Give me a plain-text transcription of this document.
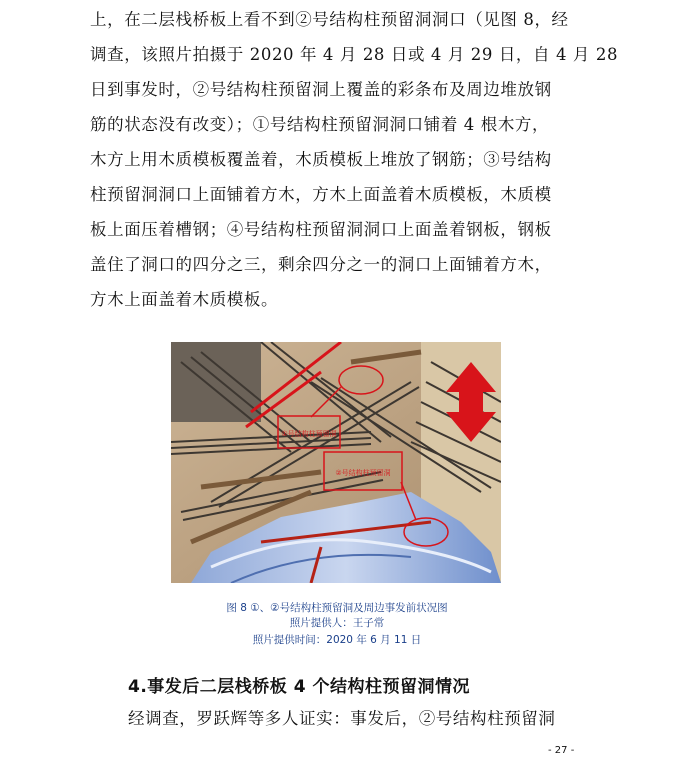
上，在二层栈桥板上看不到②号结构柱预留洞洞口（见图 8，经
调查，该照片拍摄于 2020 年 4 月 28 日或 4 月 29 日，自 4 月 28
日到事发时，②号结构柱预留洞上覆盖的彩条布及周边堆放钢
筋的状态没有改变）；①号结构柱预留洞洞口铺着 4 根木方，
木方上用木质模板覆盖着，木质模板上堆放了钢筋；③号结构
柱预留洞洞口上面铺着方木，方木上面盖着木质模板，木质模
板上面压着槽钢；④号结构柱预留洞洞口上面盖着钢板，钢板
盖住了洞口的四分之三，剩余四分之一的洞口上面铺着方木，
方木上面盖着木质模板。
①号结构柱预留洞
②号结构柱预留洞
图 8 ①、②号结构柱预留洞及周边事发前状况图
照片提供人：王子常
照片提供时间：2020 年 6 月 11 日
4.事发后二层栈桥板 4 个结构柱预留洞情况
经调查，罗跃辉等多人证实：事发后，②号结构柱预留洞
- 27 -
